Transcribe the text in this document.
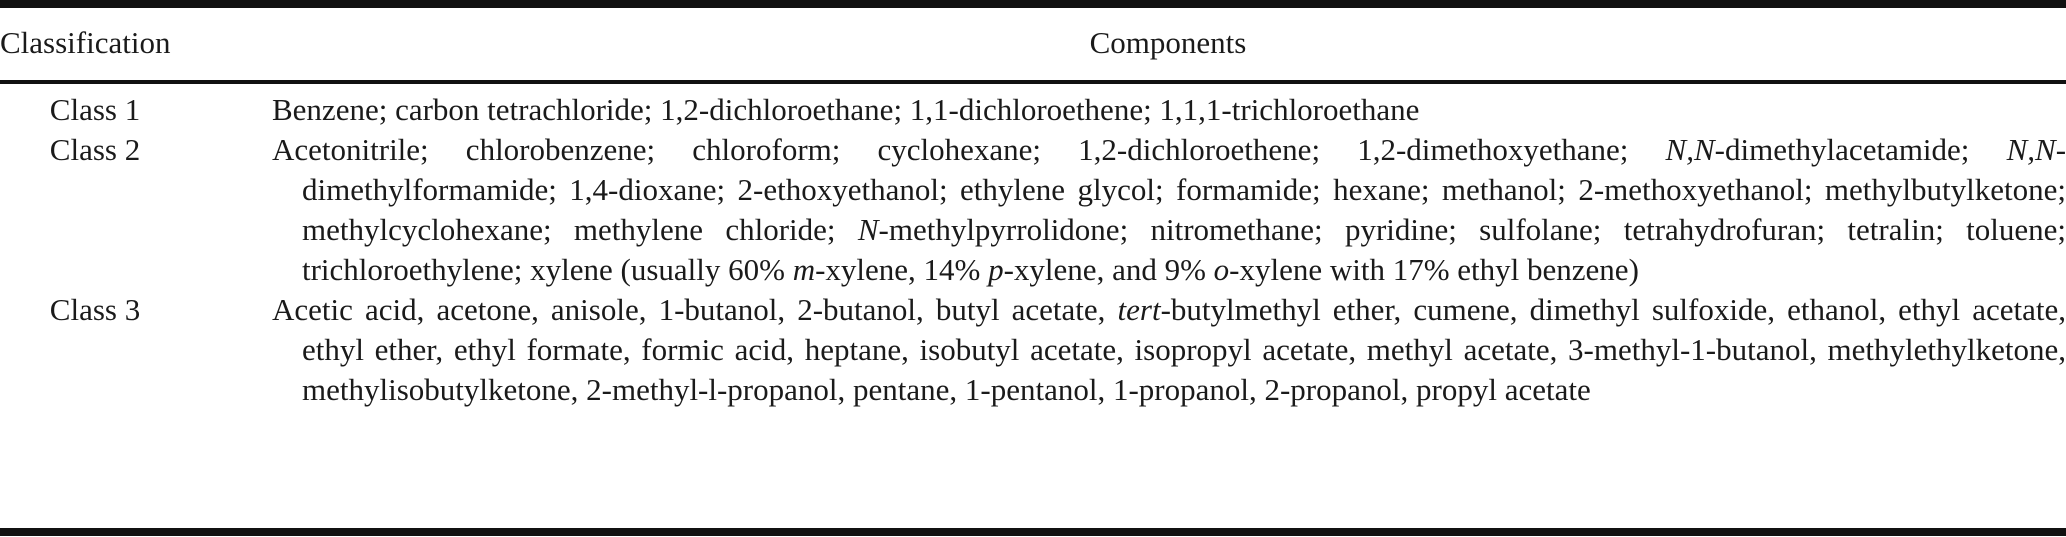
Classification	Components
Class 1	Benzene; carbon tetrachloride; 1,2-dichloroethane; 1,1-dichloroethene; 1,1,1-trichloroethane
Class 2	Acetonitrile; chlorobenzene; chloroform; cyclohexane; 1,2-dichloroethene; 1,2-dimethoxyethane; N,N-dimethylacetamide; N,N-dimethylformamide; 1,4-dioxane; 2-ethoxyethanol; ethylene glycol; formamide; hexane; methanol; 2-methoxyethanol; methylbutylketone; methylcyclohexane; methylene chloride; N-methylpyrrolidone; nitromethane; pyridine; sulfolane; tetrahydrofuran; tetralin; toluene; trichloroethylene; xylene (usually 60% m-xylene, 14% p-xylene, and 9% o-xylene with 17% ethyl benzene)
Class 3	Acetic acid, acetone, anisole, 1-butanol, 2-butanol, butyl acetate, tert-butylmethyl ether, cumene, dimethyl sulfoxide, ethanol, ethyl acetate, ethyl ether, ethyl formate, formic acid, heptane, isobutyl acetate, isopropyl acetate, methyl acetate, 3-methyl-1-butanol, methylethylketone, methylisobutylketone, 2-methyl-l-propanol, pentane, 1-pentanol, 1-propanol, 2-propanol, propyl acetate
